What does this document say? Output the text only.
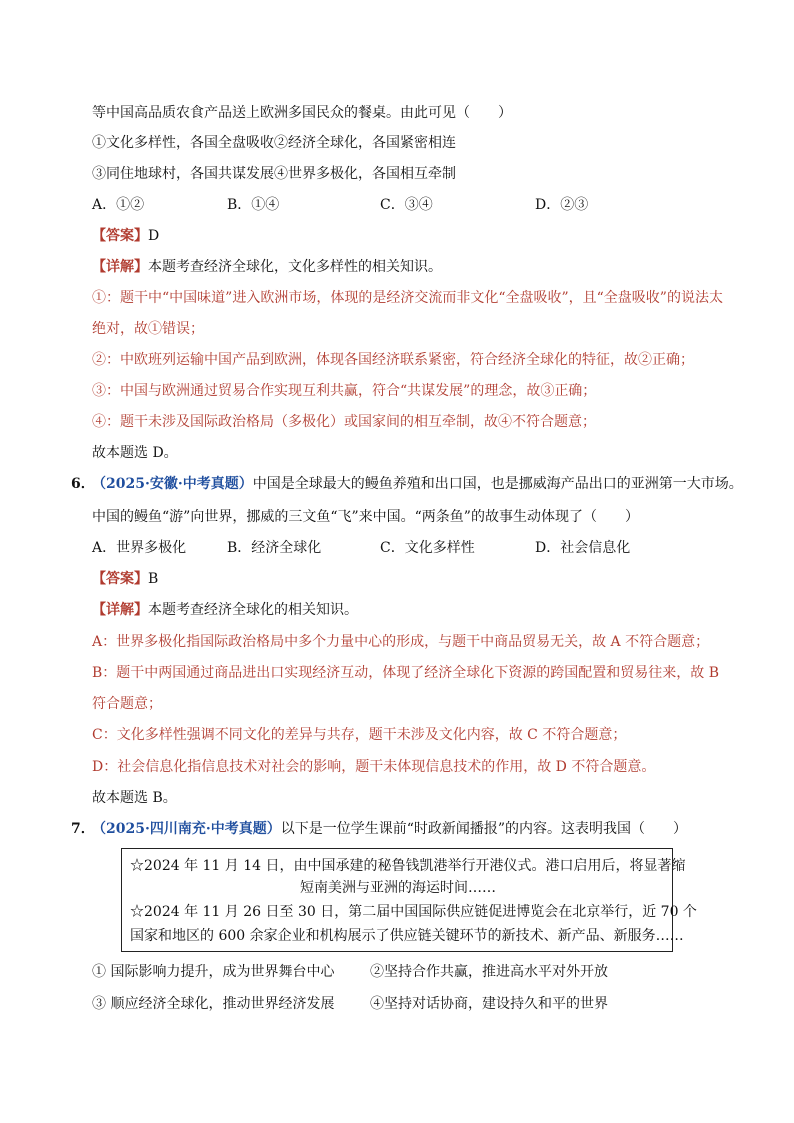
等中国高品质农食产品送上欧洲多国民众的餐桌。由此可见（　　）
①文化多样性，各国全盘吸收②经济全球化，各国紧密相连
③同住地球村，各国共谋发展④世界多极化，各国相互牵制
A．①②	B．①④	C．③④	D．②③
【答案】D
【详解】本题考查经济全球化，文化多样性的相关知识。
①：题干中“中国味道”进入欧洲市场，体现的是经济交流而非文化“全盘吸收”，且“全盘吸收”的说法太
绝对，故①错误；
②：中欧班列运输中国产品到欧洲，体现各国经济联系紧密，符合经济全球化的特征，故②正确；
③：中国与欧洲通过贸易合作实现互利共赢，符合“共谋发展”的理念，故③正确；
④：题干未涉及国际政治格局（多极化）或国家间的相互牵制，故④不符合题意；
故本题选 D。
6．
（2025·安徽·中考真题）中国是全球最大的鳗鱼养殖和出口国，也是挪威海产品出口的亚洲第一大市场。
中国的鳗鱼“游”向世界，挪威的三文鱼“飞”来中国。“两条鱼”的故事生动体现了（　　）
A．世界多极化	B．经济全球化	C．文化多样性	D．社会信息化
【答案】B
【详解】本题考查经济全球化的相关知识。
A：世界多极化指国际政治格局中多个力量中心的形成，与题干中商品贸易无关，故 A 不符合题意；
B：题干中两国通过商品进出口实现经济互动，体现了经济全球化下资源的跨国配置和贸易往来，故 B
符合题意；
C：文化多样性强调不同文化的差异与共存，题干未涉及文化内容，故 C 不符合题意；
D：社会信息化指信息技术对社会的影响，题干未体现信息技术的作用，故 D 不符合题意。
故本题选 B。
7．
（2025·四川南充·中考真题）以下是一位学生课前“时政新闻播报”的内容。这表明我国（　　）
☆2024 年 11 月 14 日，由中国承建的秘鲁钱凯港举行开港仪式。港口启用后，将显著缩
短南美洲与亚洲的海运时间……
☆2024 年 11 月 26 日至 30 日，第二届中国国际供应链促进博览会在北京举行，近 70 个
国家和地区的 600 余家企业和机构展示了供应链关键环节的新技术、新产品、新服务……
① 国际影响力提升，成为世界舞台中心	②坚持合作共赢，推进高水平对外开放
③ 顺应经济全球化，推动世界经济发展	④坚持对话协商，建设持久和平的世界
